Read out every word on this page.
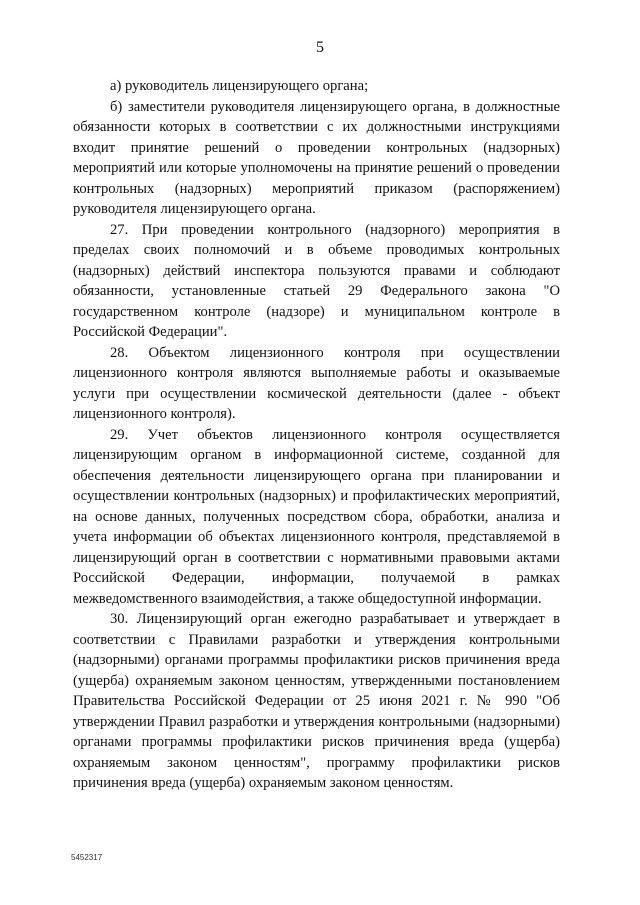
5

а) руководитель лицензирующего органа;

б) заместители руководителя лицензирующего органа, в должностные обязанности которых в соответствии с их должностными инструкциями входит принятие решений о проведении контрольных (надзорных) мероприятий или которые уполномочены на принятие решений о проведении контрольных (надзорных) мероприятий приказом (распоряжением) руководителя лицензирующего органа.

27. При проведении контрольного (надзорного) мероприятия в пределах своих полномочий и в объеме проводимых контрольных (надзорных) действий инспектора пользуются правами и соблюдают обязанности, установленные статьей 29 Федерального закона "О государственном контроле (надзоре) и муниципальном контроле в Российской Федерации".

28. Объектом лицензионного контроля при осуществлении лицензионного контроля являются выполняемые работы и оказываемые услуги при осуществлении космической деятельности (далее - объект лицензионного контроля).

29. Учет объектов лицензионного контроля осуществляется лицензирующим органом в информационной системе, созданной для обеспечения деятельности лицензирующего органа при планировании и осуществлении контрольных (надзорных) и профилактических мероприятий, на основе данных, полученных посредством сбора, обработки, анализа и учета информации об объектах лицензионного контроля, представляемой в лицензирующий орган в соответствии с нормативными правовыми актами Российской Федерации, информации, получаемой в рамках межведомственного взаимодействия, а также общедоступной информации.

30. Лицензирующий орган ежегодно разрабатывает и утверждает в соответствии с Правилами разработки и утверждения контрольными (надзорными) органами программы профилактики рисков причинения вреда (ущерба) охраняемым законом ценностям, утвержденными постановлением Правительства Российской Федерации от 25 июня 2021 г. № 990 "Об утверждении Правил разработки и утверждения контрольными (надзорными) органами программы профилактики рисков причинения вреда (ущерба) охраняемым законом ценностям", программу профилактики рисков причинения вреда (ущерба) охраняемым законом ценностям.

5452317
